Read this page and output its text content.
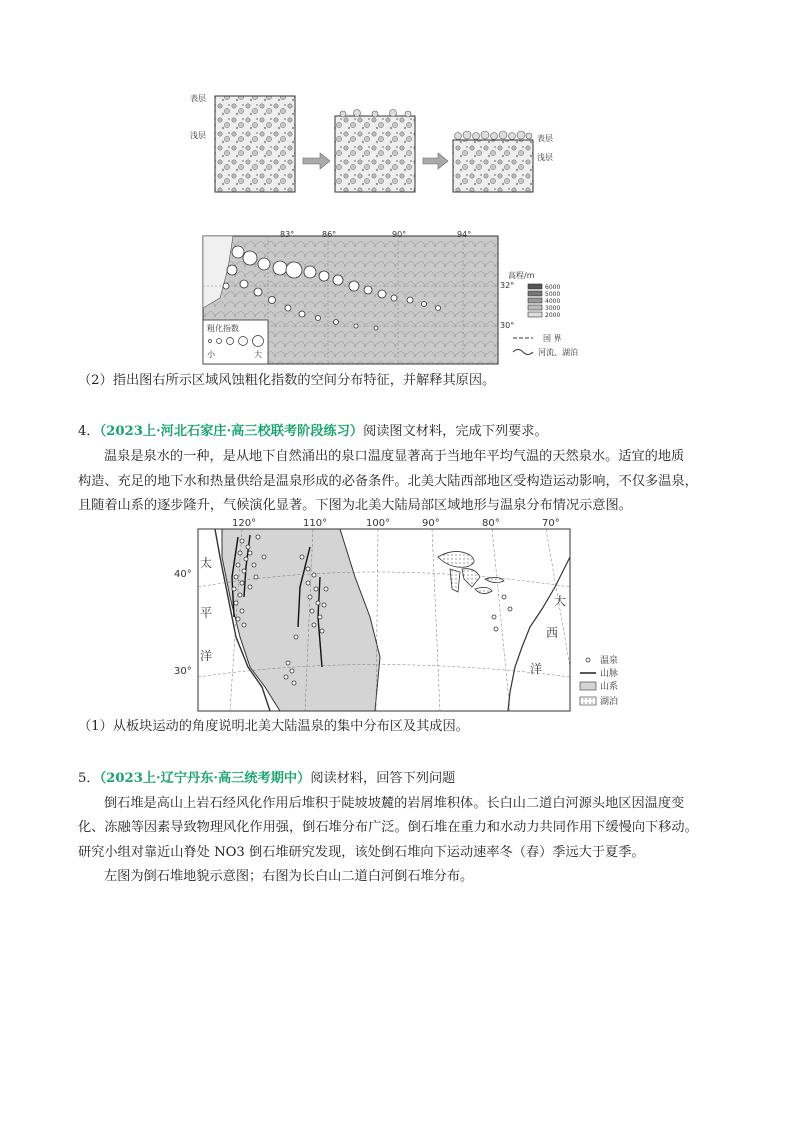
表层
浅层	表层
浅层
83°	86°	90°	94°
32°
30°
高程/m
6000
5000
4000
3000
2000
粗化指数
小	大
国 界
河流、湖泊
（2）指出图右所示区域风蚀粗化指数的空间分布特征，并解释其原因。
4．（2023上·河北石家庄·高三校联考阶段练习）阅读图文材料，完成下列要求。
温泉是泉水的一种，是从地下自然涌出的泉口温度显著高于当地年平均气温的天然泉水。适宜的地质
构造、充足的地下水和热量供给是温泉形成的必备条件。北美大陆西部地区受构造运动影响，不仅多温泉，
且随着山系的逐步隆升，气候演化显著。下图为北美大陆局部区域地形与温泉分布情况示意图。
120°	110°	100°	90°	80°	70°
40°
30°
太
平
洋
大
西
洋
温泉
山脉
山系
湖泊
（1）从板块运动的角度说明北美大陆温泉的集中分布区及其成因。
5．（2023上·辽宁丹东·高三统考期中）阅读材料，回答下列问题
倒石堆是高山上岩石经风化作用后堆积于陡坡坡麓的岩屑堆积体。长白山二道白河源头地区因温度变
化、冻融等因素导致物理风化作用强，倒石堆分布广泛。倒石堆在重力和水动力共同作用下缓慢向下移动。
研究小组对靠近山脊处 NO3 倒石堆研究发现，该处倒石堆向下运动速率冬（春）季远大于夏季。
左图为倒石堆地貌示意图；右图为长白山二道白河倒石堆分布。
